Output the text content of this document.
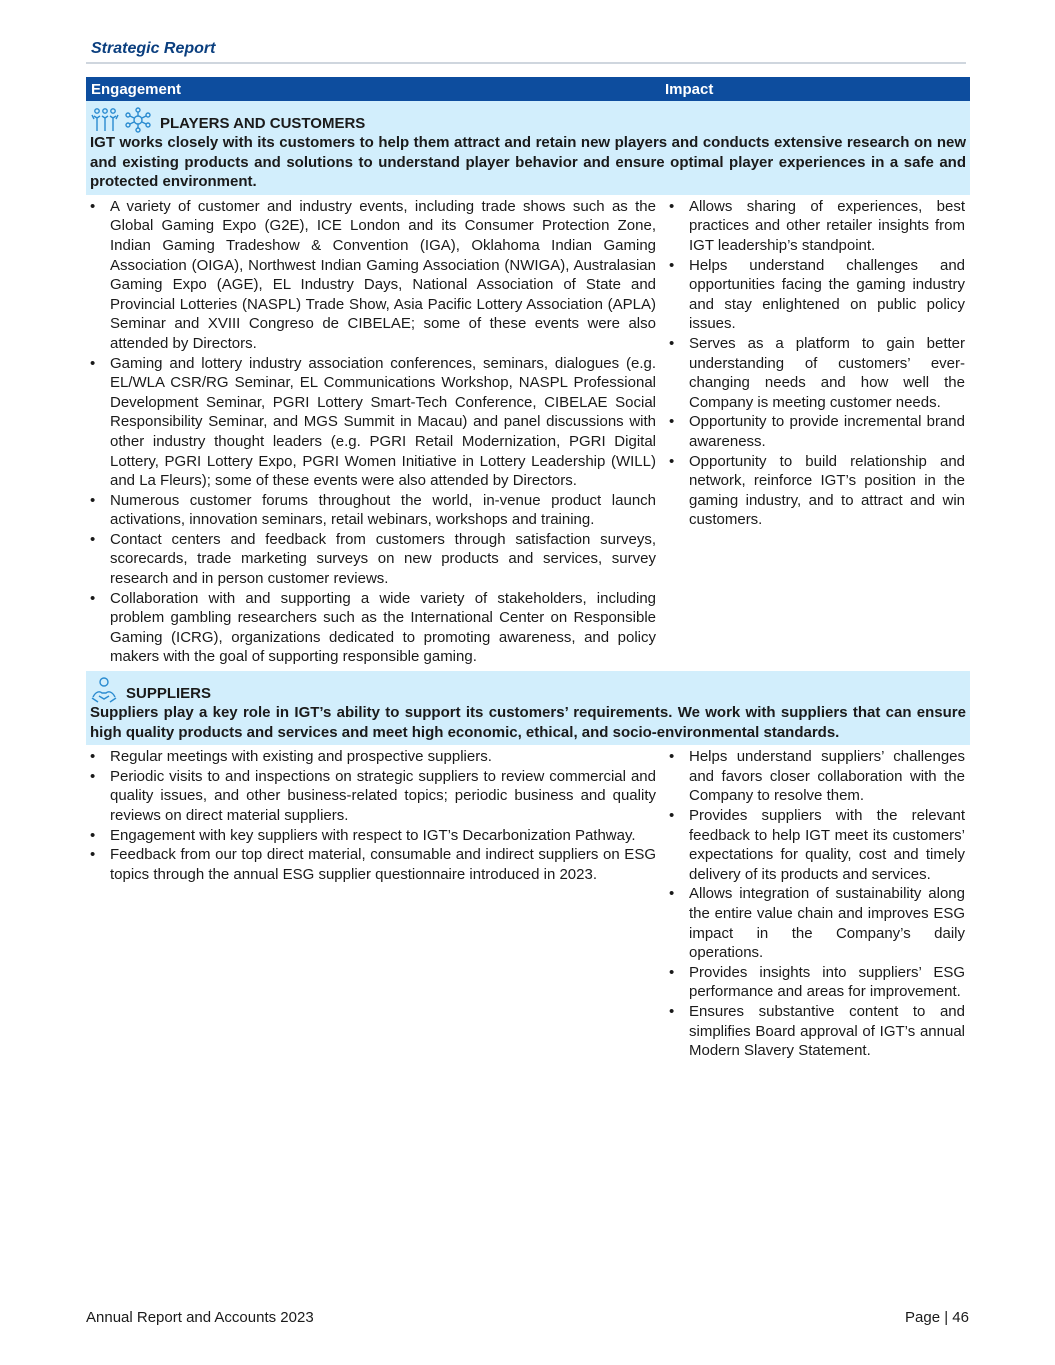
Strategic Report
Engagement	Impact
PLAYERS AND CUSTOMERS
IGT works closely with its customers to help them attract and retain new players and conducts extensive research on new and existing products and solutions to understand player behavior and ensure optimal player experiences in a safe and protected environment.
• A variety of customer and industry events, including trade shows such as the Global Gaming Expo (G2E), ICE London and its Consumer Protection Zone, Indian Gaming Tradeshow & Convention (IGA), Oklahoma Indian Gaming Association (OIGA), Northwest Indian Gaming Association (NWIGA), Australasian Gaming Expo (AGE), EL Industry Days, National Association of State and Provincial Lotteries (NASPL) Trade Show, Asia Pacific Lottery Association (APLA) Seminar and XVIII Congreso de CIBELAE; some of these events were also attended by Directors.
• Gaming and lottery industry association conferences, seminars, dialogues (e.g. EL/WLA CSR/RG Seminar, EL Communications Workshop, NASPL Professional Development Seminar, PGRI Lottery Smart-Tech Conference, CIBELAE Social Responsibility Seminar, and MGS Summit in Macau) and panel discussions with other industry thought leaders (e.g. PGRI Retail Modernization, PGRI Digital Lottery, PGRI Lottery Expo, PGRI Women Initiative in Lottery Leadership (WILL) and La Fleurs); some of these events were also attended by Directors.
• Numerous customer forums throughout the world, in-venue product launch activations, innovation seminars, retail webinars, workshops and training.
• Contact centers and feedback from customers through satisfaction surveys, scorecards, trade marketing surveys on new products and services, survey research and in person customer reviews.
• Collaboration with and supporting a wide variety of stakeholders, including problem gambling researchers such as the International Center on Responsible Gaming (ICRG), organizations dedicated to promoting awareness, and policy makers with the goal of supporting responsible gaming.
• Allows sharing of experiences, best practices and other retailer insights from IGT leadership’s standpoint.
• Helps understand challenges and opportunities facing the gaming industry and stay enlightened on public policy issues.
• Serves as a platform to gain better understanding of customers’ ever-changing needs and how well the Company is meeting customer needs.
• Opportunity to provide incremental brand awareness.
• Opportunity to build relationship and network, reinforce IGT’s position in the gaming industry, and to attract and win customers.
SUPPLIERS
Suppliers play a key role in IGT’s ability to support its customers’ requirements. We work with suppliers that can ensure high quality products and services and meet high economic, ethical, and socio-environmental standards.
• Regular meetings with existing and prospective suppliers.
• Periodic visits to and inspections on strategic suppliers to review commercial and quality issues, and other business-related topics; periodic business and quality reviews on direct material suppliers.
• Engagement with key suppliers with respect to IGT’s Decarbonization Pathway.
• Feedback from our top direct material, consumable and indirect suppliers on ESG topics through the annual ESG supplier questionnaire introduced in 2023.
• Helps understand suppliers’ challenges and favors closer collaboration with the Company to resolve them.
• Provides suppliers with the relevant feedback to help IGT meet its customers’ expectations for quality, cost and timely delivery of its products and services.
• Allows integration of sustainability along the entire value chain and improves ESG impact in the Company’s daily operations.
• Provides insights into suppliers’ ESG performance and areas for improvement.
• Ensures substantive content to and simplifies Board approval of IGT’s annual Modern Slavery Statement.
Annual Report and Accounts 2023	Page | 46
